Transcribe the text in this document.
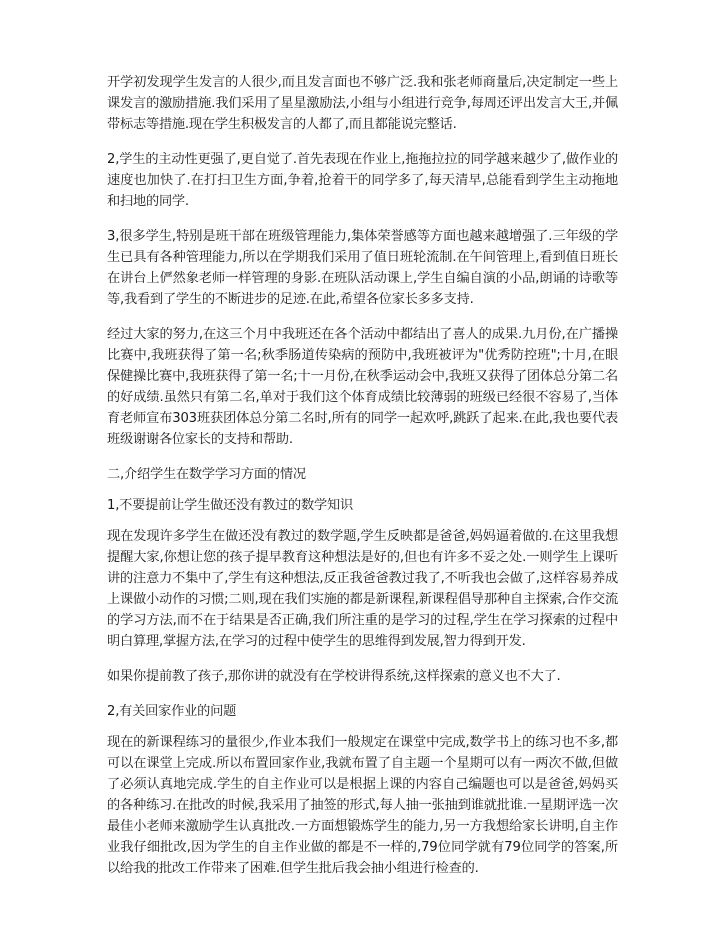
开学初发现学生发言的人很少,而且发言面也不够广泛.我和张老师商量后,决定制定一些上课发言的激励措施.我们采用了星星激励法,小组与小组进行竞争,每周还评出发言大王,并佩带标志等措施.现在学生积极发言的人都了,而且都能说完整话.

2,学生的主动性更强了,更自觉了.首先表现在作业上,拖拖拉拉的同学越来越少了,做作业的速度也加快了.在打扫卫生方面,争着,抢着干的同学多了,每天清早,总能看到学生主动拖地和扫地的同学.

3,很多学生,特别是班干部在班级管理能力,集体荣誉感等方面也越来越增强了.三年级的学生已具有各种管理能力,所以在学期我们采用了值日班轮流制.在午间管理上,看到值日班长在讲台上俨然象老师一样管理的身影.在班队活动课上,学生自编自演的小品,朗诵的诗歌等等,我看到了学生的不断进步的足迹.在此,希望各位家长多多支持.

经过大家的努力,在这三个月中我班还在各个活动中都结出了喜人的成果.九月份,在广播操比赛中,我班获得了第一名;秋季肠道传染病的预防中,我班被评为"优秀防控班";十月,在眼保健操比赛中,我班获得了第一名;十一月份,在秋季运动会中,我班又获得了团体总分第二名的好成绩.虽然只有第二名,单对于我们这个体育成绩比较薄弱的班级已经很不容易了,当体育老师宣布303班获团体总分第二名时,所有的同学一起欢呼,跳跃了起来.在此,我也要代表班级谢谢各位家长的支持和帮助.

二,介绍学生在数学学习方面的情况

1,不要提前让学生做还没有教过的数学知识

现在发现许多学生在做还没有教过的数学题,学生反映都是爸爸,妈妈逼着做的.在这里我想提醒大家,你想让您的孩子提早教育这种想法是好的,但也有许多不妥之处.一则学生上课听讲的注意力不集中了,学生有这种想法,反正我爸爸教过我了,不听我也会做了,这样容易养成上课做小动作的习惯;二则,现在我们实施的都是新课程,新课程倡导那种自主探索,合作交流的学习方法,而不在于结果是否正确,我们所注重的是学习的过程,学生在学习探索的过程中明白算理,掌握方法,在学习的过程中使学生的思维得到发展,智力得到开发.

如果你提前教了孩子,那你讲的就没有在学校讲得系统,这样探索的意义也不大了.

2,有关回家作业的问题

现在的新课程练习的量很少,作业本我们一般规定在课堂中完成,数学书上的练习也不多,都可以在课堂上完成.所以布置回家作业,我就布置了自主题一个星期可以有一两次不做,但做了必须认真地完成.学生的自主作业可以是根据上课的内容自己编题也可以是爸爸,妈妈买的各种练习.在批改的时候,我采用了抽签的形式,每人抽一张抽到谁就批谁.一星期评选一次最佳小老师来激励学生认真批改.一方面想锻炼学生的能力,另一方我想给家长讲明,自主作业我仔细批改,因为学生的自主作业做的都是不一样的,79位同学就有79位同学的答案,所以给我的批改工作带来了困难.但学生批后我会抽小组进行检查的.
